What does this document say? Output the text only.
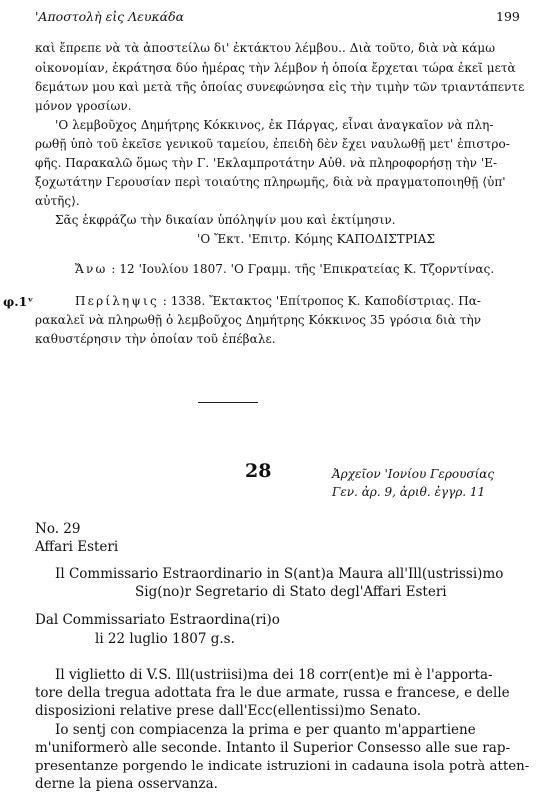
'Αποστολὴ εἰς Λευκάδα	199
καὶ ἔπρεπε νὰ τὰ ἀποστείλω δι' ἐκτάκτου λέμβου.. Διὰ τοῦτο, διὰ νὰ κάμω
οἰκονομίαν, ἐκράτησα δύο ἡμέρας τὴν λέμβον ἡ ὁποία ἔρχεται τώρα ἐκεῖ μετὰ
δεμάτων μου καὶ μετὰ τῆς ὁποίας συνεφώνησα εἰς τὴν τιμὴν τῶν τριαντάπεντε
μόνον γροσίων.
'Ο λεμβοῦχος Δημήτρης Κόκκινος, ἐκ Πάργας, εἶναι ἀναγκαῖον νὰ πλη-
ρωθῇ ὑπὸ τοῦ ἐκεῖσε γενικοῦ ταμείου, ἐπειδὴ δὲν ἔχει ναυλωθῇ μετ' ἐπιστρο-
φῆς. Παρακαλῶ ὅμως τὴν Γ. 'Εκλαμπροτάτην Αὐθ. νὰ πληροφορήσῃ τὴν 'Ε-
ξοχωτάτην Γερουσίαν περὶ τοιαύτης πληρωμῆς, διὰ νὰ πραγματοποιηθῇ ⟨ὑπ'
αὐτῆς⟩.
Σᾶς ἐκφράζω τὴν δικαίαν ὑπόληψίν μου καὶ ἐκτίμησιν.
'Ο Ἔκτ. 'Επιτρ. Κόμης ΚΑΠΟΔΙΣΤΡΙΑΣ
Ἄνω : 12 'Ιουλίου 1807. 'Ο Γραμμ. τῆς 'Επικρατείας Κ. Τζορντίνας.
φ.1ᵛ	Περίληψις : 1338. Ἔκτακτος 'Επίτροπος Κ. Καποδίστριας. Πα-
ρακαλεῖ νὰ πληρωθῇ ὁ λεμβοῦχος Δημήτρης Κόκκινος 35 γρόσια διὰ τὴν
καθυστέρησιν τὴν ὁποίαν τοῦ ἐπέβαλε.
28	Ἀρχεῖον 'Ιονίου Γερουσίας
Γεν. ἀρ. 9, ἀριθ. ἐγγρ. 11
No. 29
Affari Esteri
Il Commissario Estraordinario in S(ant)a Maura all'Ill(ustrissi)mo
Sig(no)r Segretario di Stato degl'Affari Esteri
Dal Commissariato Estraordina(ri)o
li 22 luglio 1807 g.s.
Il viglietto di V.S. Ill(ustriisi)ma dei 18 corr(ent)e mi è l'apporta-
tore della tregua adottata fra le due armate, russa e francese, e delle
disposizioni relative prese dall'Ecc(ellentissi)mo Senato.
Io sentj con compiacenza la prima e per quanto m'appartiene
m'uniformerò alle seconde. Intanto il Superior Consesso alle sue rap-
presentanze porgendo le indicate istruzioni in cadauna isola potrà atten-
derne la piena osservanza.
